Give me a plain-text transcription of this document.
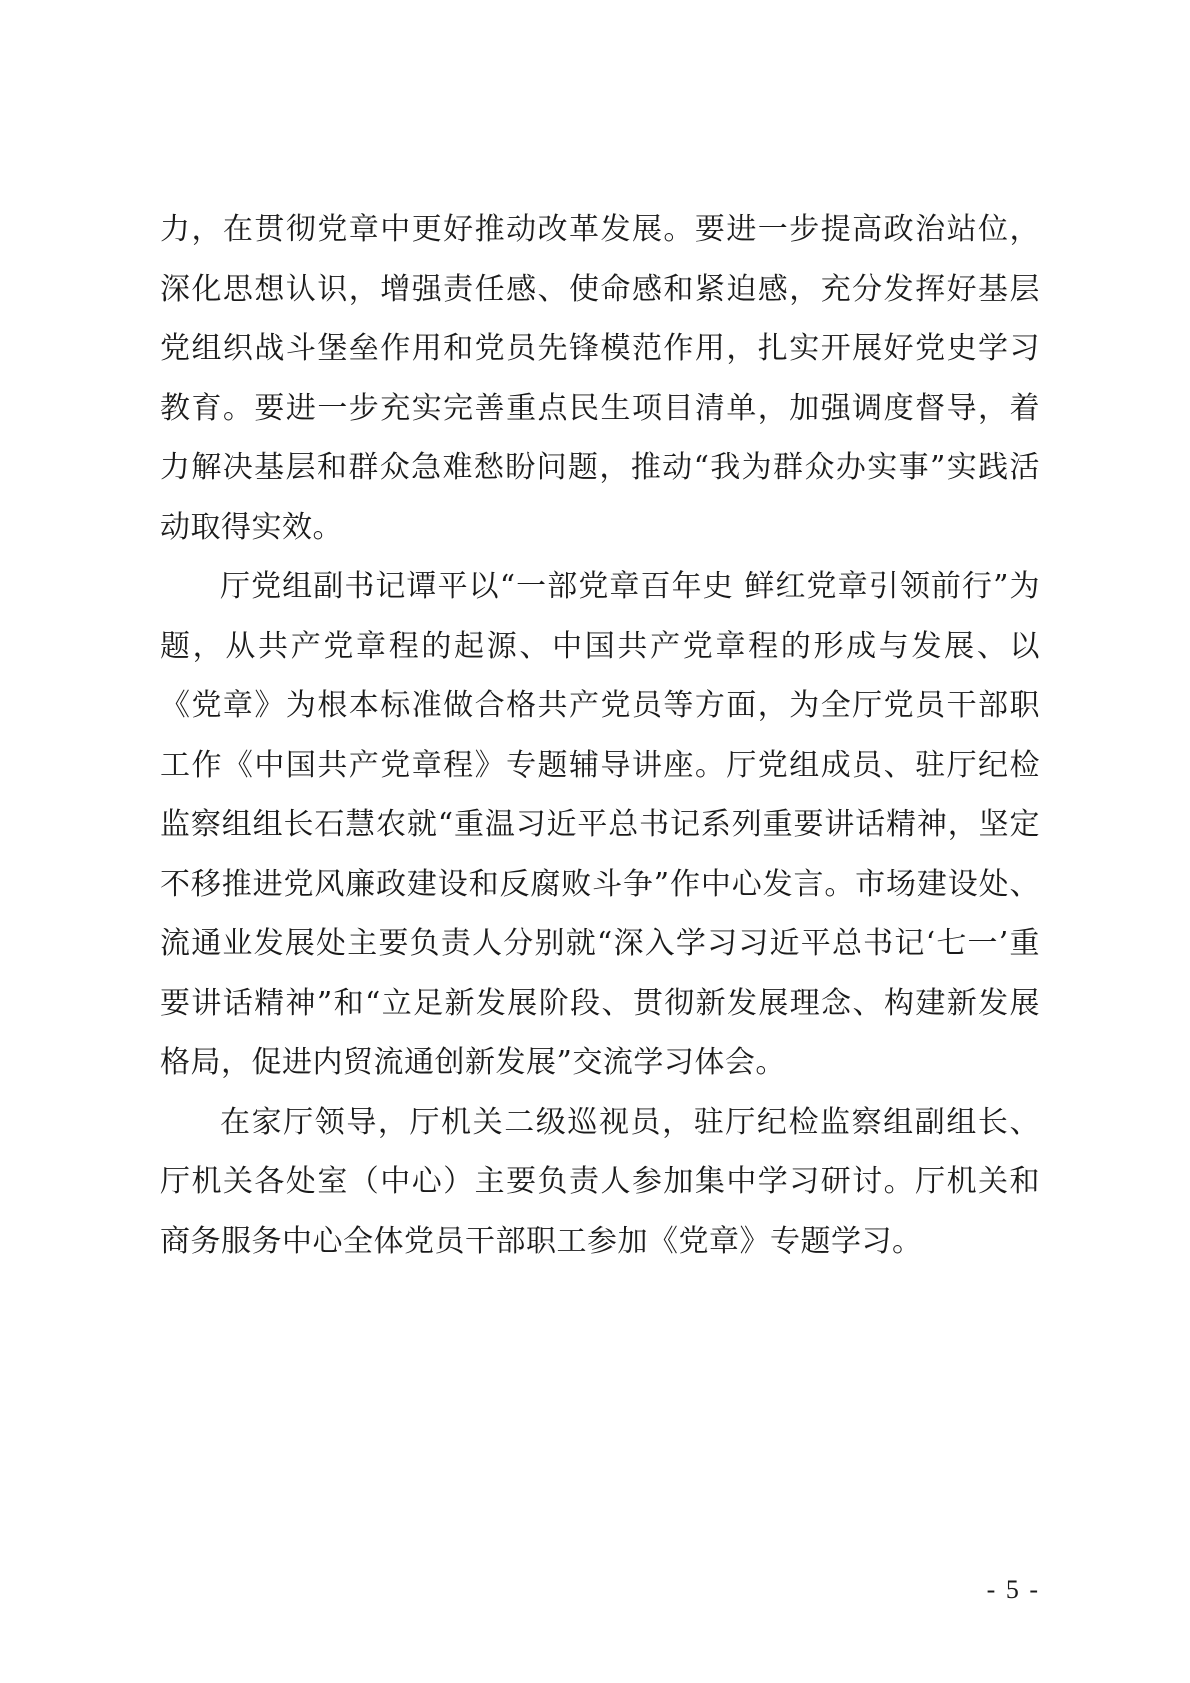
力，在贯彻党章中更好推动改革发展。要进一步提高政治站位，深化思想认识，增强责任感、使命感和紧迫感，充分发挥好基层党组织战斗堡垒作用和党员先锋模范作用，扎实开展好党史学习教育。要进一步充实完善重点民生项目清单，加强调度督导，着力解决基层和群众急难愁盼问题，推动“我为群众办实事”实践活动取得实效。

厅党组副书记谭平以“一部党章百年史 鲜红党章引领前行”为题，从共产党章程的起源、中国共产党章程的形成与发展、以《党章》为根本标准做合格共产党员等方面，为全厅党员干部职工作《中国共产党章程》专题辅导讲座。厅党组成员、驻厅纪检监察组组长石慧农就“重温习近平总书记系列重要讲话精神，坚定不移推进党风廉政建设和反腐败斗争”作中心发言。市场建设处、流通业发展处主要负责人分别就“深入学习习近平总书记‘七一’重要讲话精神”和“立足新发展阶段、贯彻新发展理念、构建新发展格局，促进内贸流通创新发展”交流学习体会。

在家厅领导，厅机关二级巡视员，驻厅纪检监察组副组长、厅机关各处室（中心）主要负责人参加集中学习研讨。厅机关和商务服务中心全体党员干部职工参加《党章》专题学习。

- 5 -
